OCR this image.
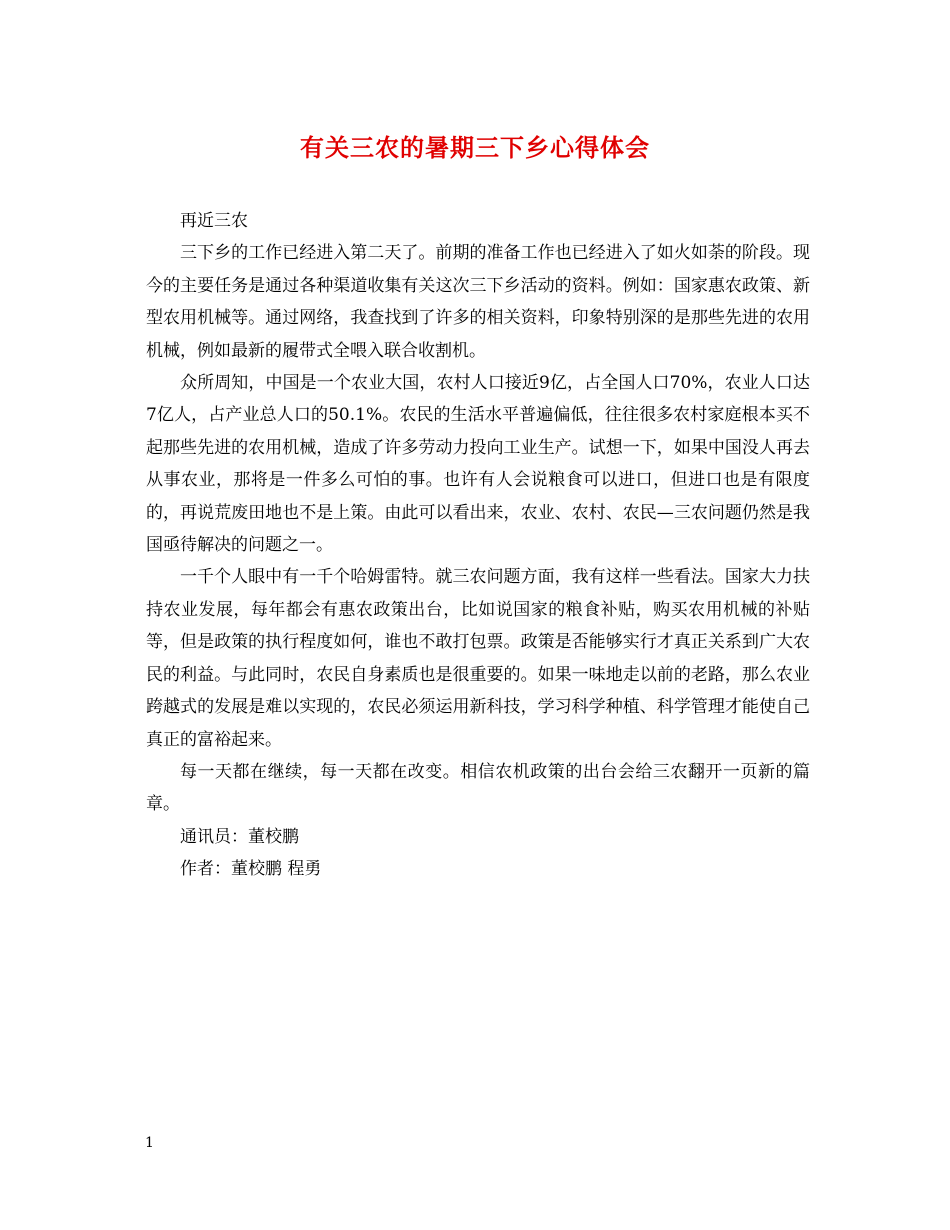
有关三农的暑期三下乡心得体会

再近三农

三下乡的工作已经进入第二天了。前期的准备工作也已经进入了如火如荼的阶段。现今的主要任务是通过各种渠道收集有关这次三下乡活动的资料。例如：国家惠农政策、新型农用机械等。通过网络，我查找到了许多的相关资料，印象特别深的是那些先进的农用机械，例如最新的履带式全喂入联合收割机。

众所周知，中国是一个农业大国，农村人口接近9亿，占全国人口70%，农业人口达7亿人，占产业总人口的50.1%。农民的生活水平普遍偏低，往往很多农村家庭根本买不起那些先进的农用机械，造成了许多劳动力投向工业生产。试想一下，如果中国没人再去从事农业，那将是一件多么可怕的事。也许有人会说粮食可以进口，但进口也是有限度的，再说荒废田地也不是上策。由此可以看出来，农业、农村、农民—三农问题仍然是我国亟待解决的问题之一。

一千个人眼中有一千个哈姆雷特。就三农问题方面，我有这样一些看法。国家大力扶持农业发展，每年都会有惠农政策出台，比如说国家的粮食补贴，购买农用机械的补贴等，但是政策的执行程度如何，谁也不敢打包票。政策是否能够实行才真正关系到广大农民的利益。与此同时，农民自身素质也是很重要的。如果一味地走以前的老路，那么农业跨越式的发展是难以实现的，农民必须运用新科技，学习科学种植、科学管理才能使自己真正的富裕起来。

每一天都在继续，每一天都在改变。相信农机政策的出台会给三农翻开一页新的篇章。

通讯员：董校鹏

作者：董校鹏 程勇

1
